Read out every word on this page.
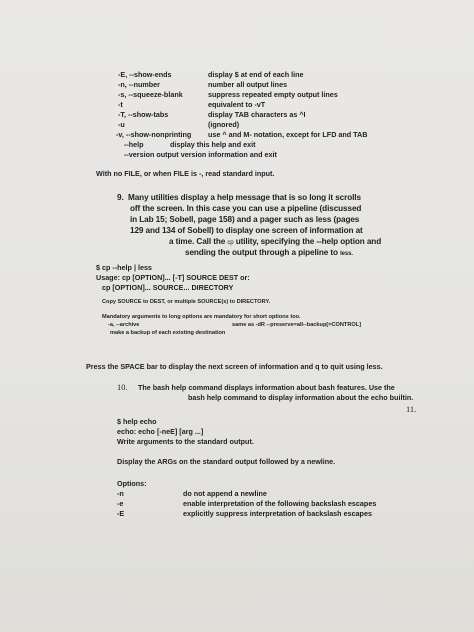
-E, --show-ends	display $ at end of each line
-n, --number	number all output lines
-s, --squeeze-blank	suppress repeated empty output lines
-t	equivalent to -vT
-T, --show-tabs	display TAB characters as ^I
-u	(ignored)
-v, --show-nonprinting use ^ and M- notation, except for LFD and TAB
--help	display this help and exit
--version output version information and exit
With no FILE, or when FILE is -, read standard input.
9. Many utilities display a help message that is so long it scrolls
off the screen. In this case you can use a pipeline (discussed
in Lab 15; Sobell, page 158) and a pager such as less (pages
129 and 134 of Sobell) to display one screen of information at
a time. Call the cp utility, specifying the --help option and
sending the output through a pipeline to less.
$ cp --help | less
Usage: cp [OPTION]... [-T] SOURCE DEST or:
cp [OPTION]... SOURCE... DIRECTORY
Copy SOURCE to DEST, or multiple SOURCE(s) to DIRECTORY.
Mandatory arguments to long options are mandatory for short options too.
-a, --archive	same as -dR --preserve=all--backup[=CONTROL]
make a backup of each existing destination
Press the SPACE bar to display the next screen of information and q to quit using less.
10. The bash help command displays information about bash features. Use the
bash help command to display information about the echo builtin.
11.
$ help echo
echo: echo [-neE] [arg ...]
Write arguments to the standard output.
Display the ARGs on the standard output followed by a newline.
Options:
-n	do not append a newline
-e	enable interpretation of the following backslash escapes
-E	explicitly suppress interpretation of backslash escapes
